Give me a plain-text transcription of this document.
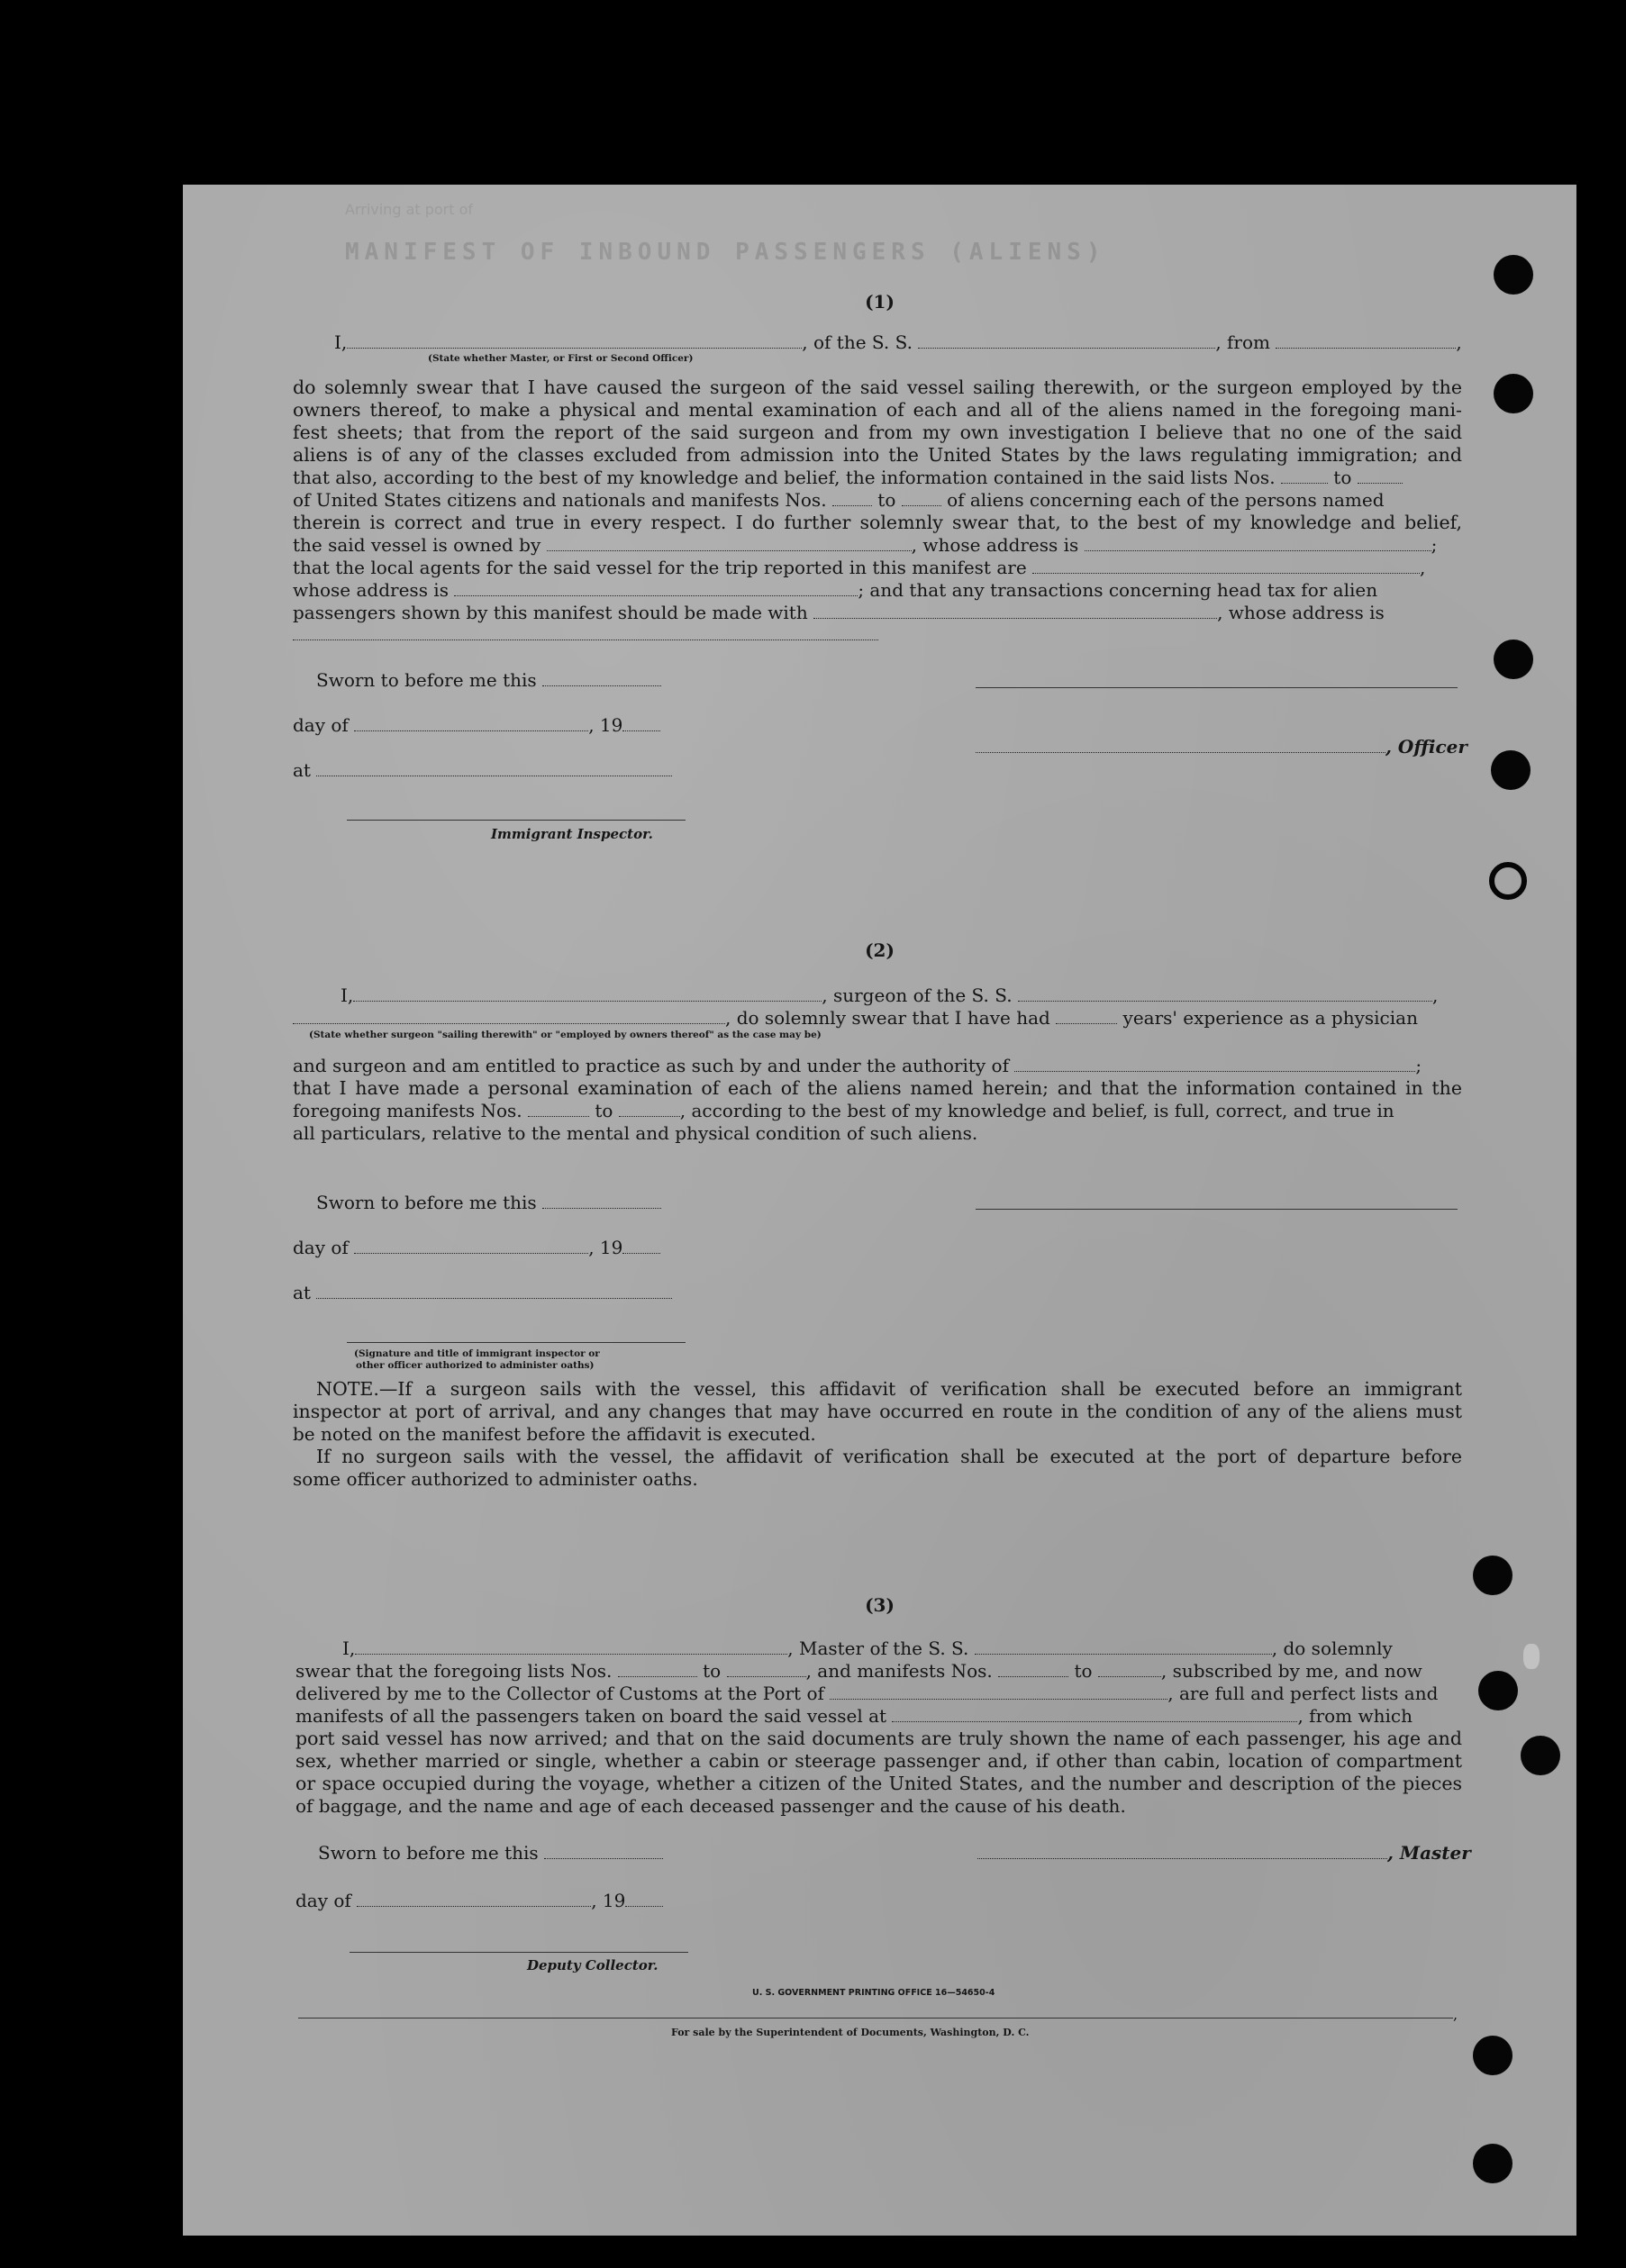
Arriving at port of
MANIFEST OF INBOUND PASSENGERS (ALIENS)
(1)
I,	, of the S. S.	, from	,
(State whether Master, or First or Second Officer)
do solemnly swear that I have caused the surgeon of the said vessel sailing therewith, or the surgeon employed by the
owners thereof, to make a physical and mental examination of each and all of the aliens named in the foregoing mani-
fest sheets; that from the report of the said surgeon and from my own investigation I believe that no one of the said
aliens is of any of the classes excluded from admission into the United States by the laws regulating immigration; and
that also, according to the best of my knowledge and belief, the information contained in the said lists Nos.	to
of United States citizens and nationals and manifests Nos.	to	of aliens concerning each of the persons named
therein is correct and true in every respect. I do further solemnly swear that, to the best of my knowledge and belief,
the said vessel is owned by	, whose address is	;
that the local agents for the said vessel for the trip reported in this manifest are	,
whose address is	; and that any transactions concerning head tax for alien
passengers shown by this manifest should be made with	, whose address is
Sworn to before me this
day of	, 19
, Officer
at
Immigrant Inspector.
(2)
I,	, surgeon of the S. S.	,
, do solemnly swear that I have had	years' experience as a physician
(State whether surgeon "sailing therewith" or "employed by owners thereof" as the case may be)
and surgeon and am entitled to practice as such by and under the authority of	;
that I have made a personal examination of each of the aliens named herein; and that the information contained in the
foregoing manifests Nos.	to	, according to the best of my knowledge and belief, is full, correct, and true in
all particulars, relative to the mental and physical condition of such aliens.
Sworn to before me this
day of	, 19
at
(Signature and title of immigrant inspector or
other officer authorized to administer oaths)
NOTE.—If a surgeon sails with the vessel, this affidavit of verification shall be executed before an immigrant
inspector at port of arrival, and any changes that may have occurred en route in the condition of any of the aliens must
be noted on the manifest before the affidavit is executed.
If no surgeon sails with the vessel, the affidavit of verification shall be executed at the port of departure before
some officer authorized to administer oaths.
(3)
I,	, Master of the S. S.	, do solemnly
swear that the foregoing lists Nos.	to	, and manifests Nos.	to	, subscribed by me, and now
delivered by me to the Collector of Customs at the Port of	, are full and perfect lists and
manifests of all the passengers taken on board the said vessel at	, from which
port said vessel has now arrived; and that on the said documents are truly shown the name of each passenger, his age and
sex, whether married or single, whether a cabin or steerage passenger and, if other than cabin, location of compartment
or space occupied during the voyage, whether a citizen of the United States, and the number and description of the pieces
of baggage, and the name and age of each deceased passenger and the cause of his death.
Sworn to before me this	, Master
day of	, 19
Deputy Collector.
U. S. GOVERNMENT PRINTING OFFICE 16—54650-4
,
For sale by the Superintendent of Documents, Washington, D. C.
